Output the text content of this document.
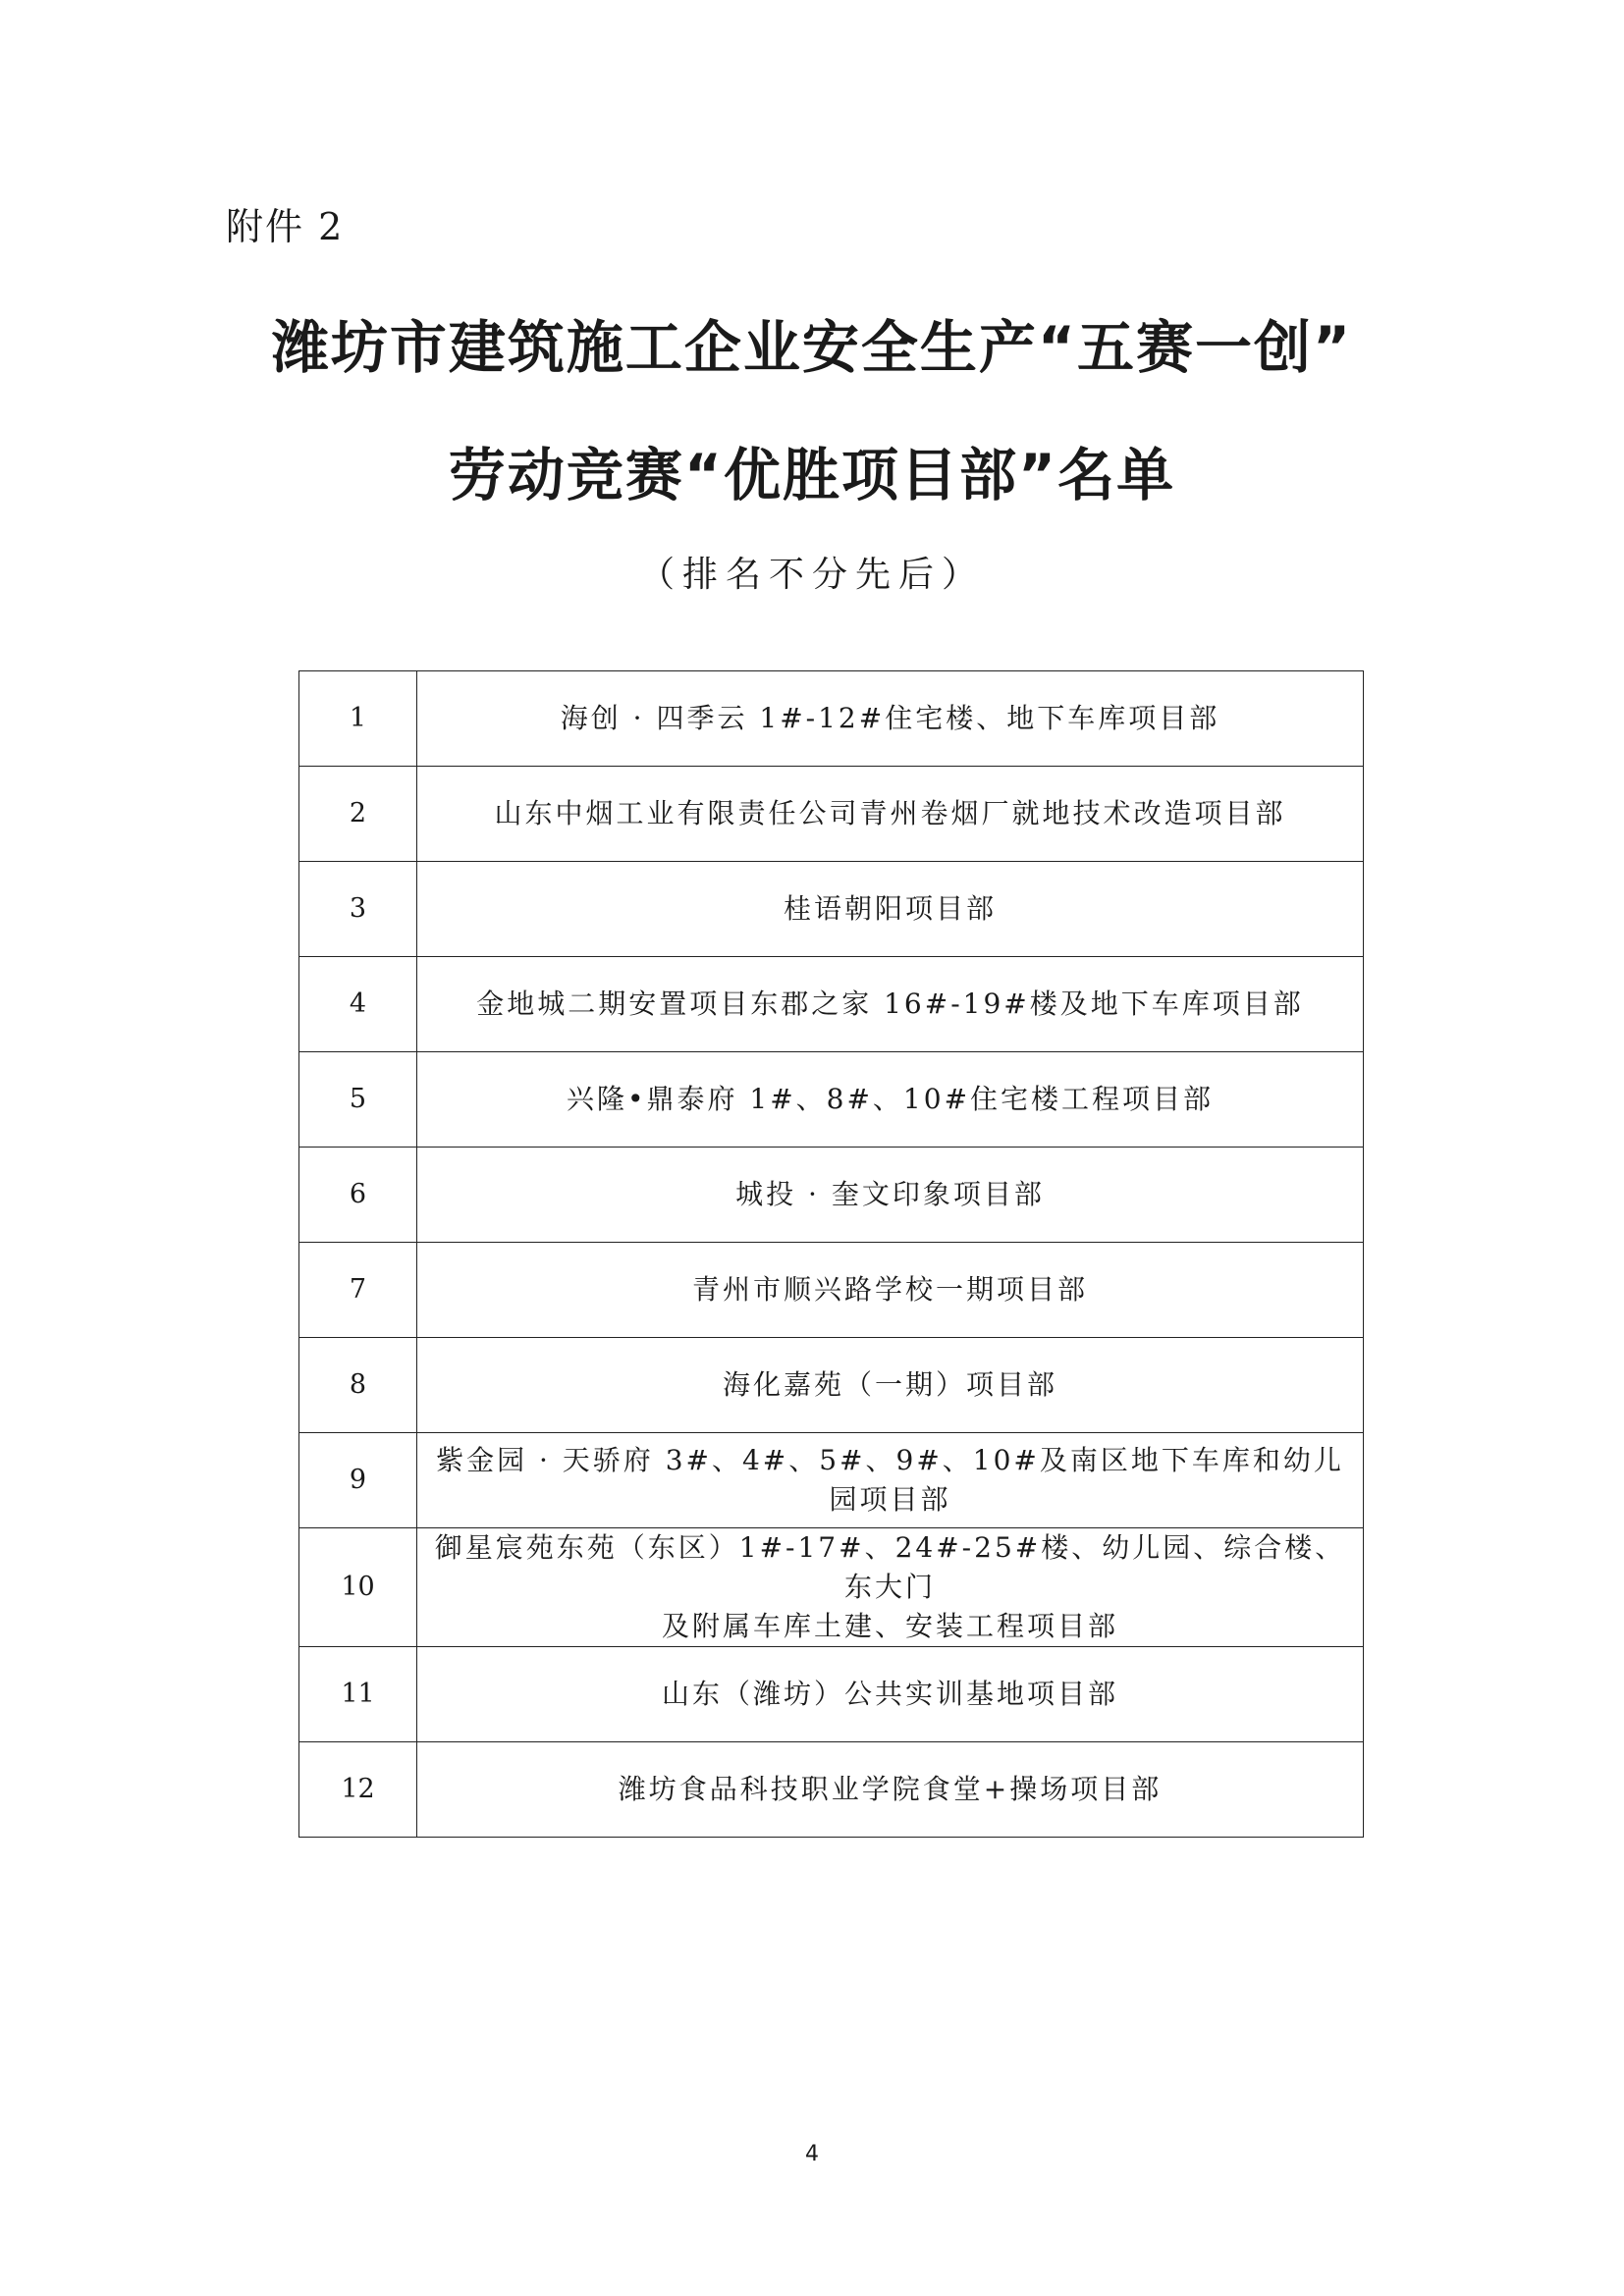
附件 2
潍坊市建筑施工企业安全生产“五赛一创”
劳动竞赛“优胜项目部”名单
（排名不分先后）
1	海创 · 四季云 1#-12#住宅楼、地下车库项目部
2	山东中烟工业有限责任公司青州卷烟厂就地技术改造项目部
3	桂语朝阳项目部
4	金地城二期安置项目东郡之家 16#-19#楼及地下车库项目部
5	兴隆•鼎泰府 1#、8#、10#住宅楼工程项目部
6	城投 · 奎文印象项目部
7	青州市顺兴路学校一期项目部
8	海化嘉苑（一期）项目部
9	紫金园 · 天骄府 3#、4#、5#、9#、10#及南区地下车库和幼儿园项目部
10	御星宸苑东苑（东区）1#-17#、24#-25#楼、幼儿园、综合楼、东大门
及附属车库土建、安装工程项目部
11	山东（潍坊）公共实训基地项目部
12	潍坊食品科技职业学院食堂+操场项目部
4
